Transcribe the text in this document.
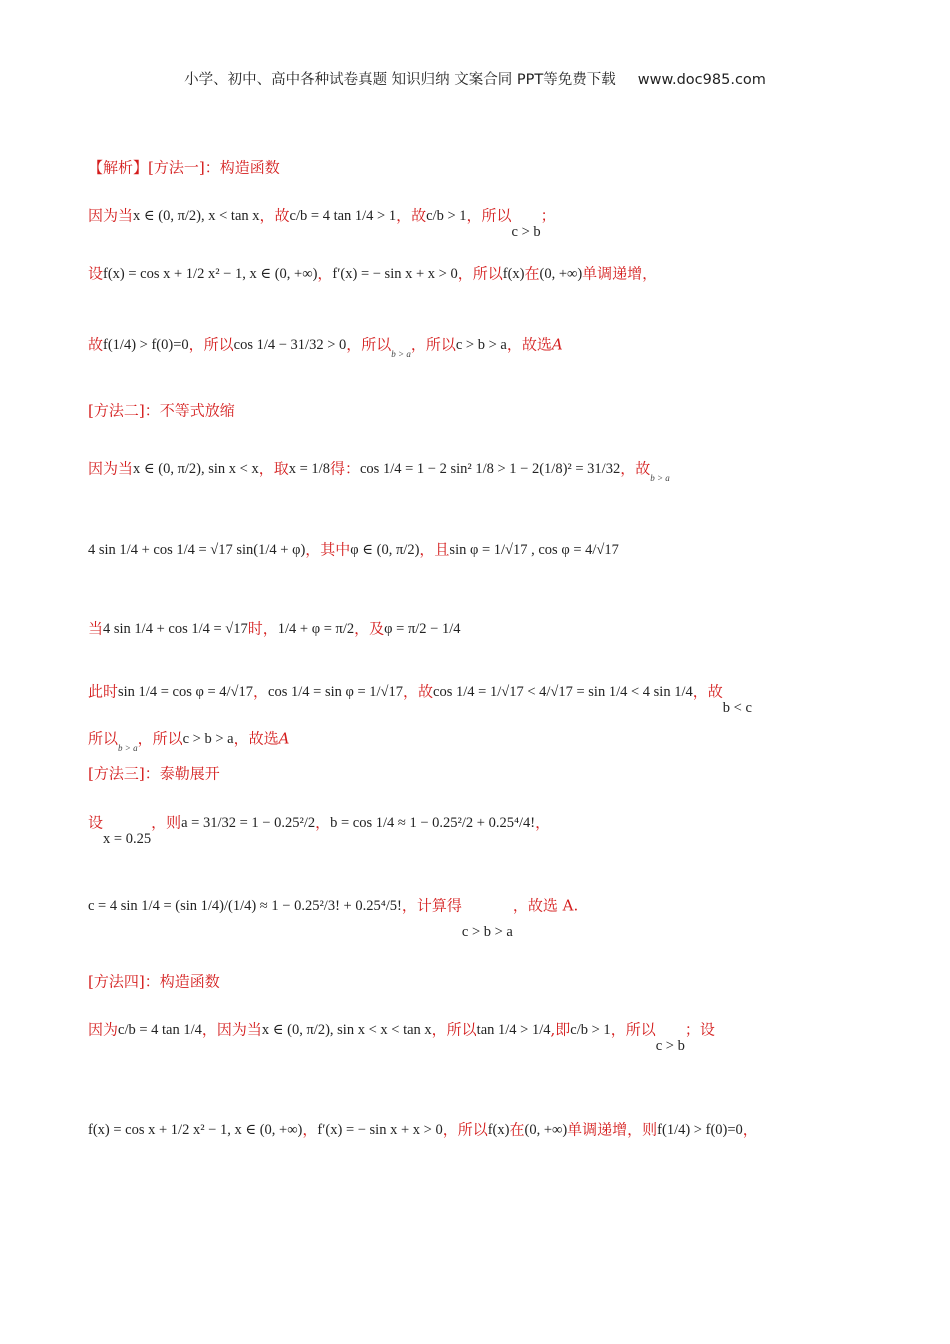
小学、初中、高中各种试卷真题 知识归纳 文案合同 PPT等免费下载 www.doc985.com
【解析】[方法一]：构造函数
因为当x ∈ (0, π/2), x < tan x，故c/b = 4 tan 1/4 > 1，故c/b > 1，所以c > b；
设f(x) = cos x + 1/2 x² − 1, x ∈ (0, +∞)，f′(x) = − sin x + x > 0，所以f(x)在(0, +∞)单调递增，
故f(1/4) > f(0)=0，所以cos 1/4 − 31/32 > 0，所以$_{b > a}$，所以c > b > a，故选A
[方法二]：不等式放缩
因为当x ∈ (0, π/2), sin x < x，取x = 1/8得：cos 1/4 = 1 − 2 sin² 1/8 > 1 − 2(1/8)² = 31/32，故$_{b > a}$
4 sin 1/4 + cos 1/4 = √17 sin(1/4 + φ)，其中φ ∈ (0, π/2)，且sin φ = 1/√17 , cos φ = 4/√17
当4 sin 1/4 + cos 1/4 = √17时，1/4 + φ = π/2，及φ = π/2 − 1/4
此时sin 1/4 = cos φ = 4/√17，cos 1/4 = sin φ = 1/√17，故cos 1/4 = 1/√17 < 4/√17 = sin 1/4 < 4 sin 1/4，故b < c
所以$_{b > a}$，所以c > b > a，故选A
[方法三]：泰勒展开
设x = 0.25，则a = 31/32 = 1 − 0.25²/2，b = cos 1/4 ≈ 1 − 0.25²/2 + 0.25⁴/4!，
c = 4 sin 1/4 = (sin 1/4)/(1/4) ≈ 1 − 0.25²/3! + 0.25⁴/5!，计算得c > b > a，故选 A.
[方法四]：构造函数
因为c/b = 4 tan 1/4，因为当x ∈ (0, π/2), sin x < x < tan x，所以tan 1/4 > 1/4,即c/b > 1，所以c > b；设
f(x) = cos x + 1/2 x² − 1, x ∈ (0, +∞)，f′(x) = − sin x + x > 0，所以f(x)在(0, +∞)单调递增，则f(1/4) > f(0)=0，
